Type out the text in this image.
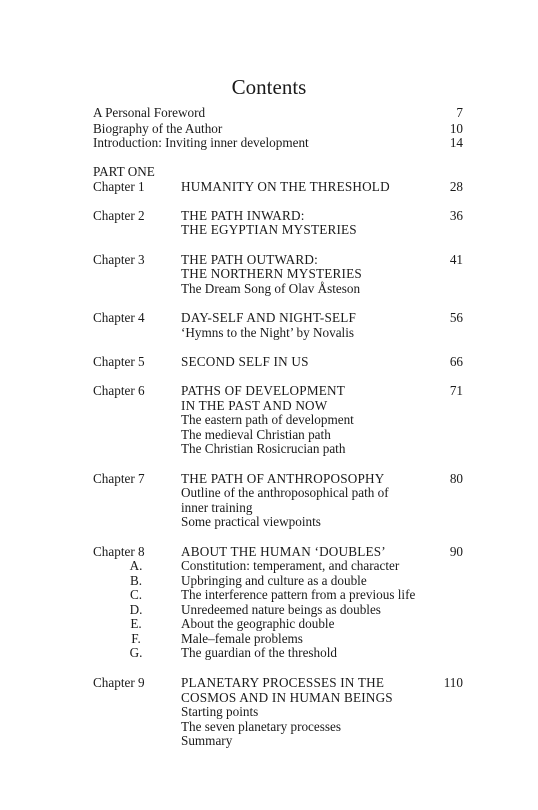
Contents
A Personal Foreword	7
Biography of the Author	10
Introduction: Inviting inner development	14
PART ONE
Chapter 1	HUMANITY ON THE THRESHOLD	28
Chapter 2	THE PATH INWARD:	36
THE EGYPTIAN MYSTERIES
Chapter 3	THE PATH OUTWARD:	41
THE NORTHERN MYSTERIES
The Dream Song of Olav Åsteson
Chapter 4	DAY-SELF AND NIGHT-SELF	56
‘Hymns to the Night’ by Novalis
Chapter 5	SECOND SELF IN US	66
Chapter 6	PATHS OF DEVELOPMENT	71
IN THE PAST AND NOW
The eastern path of development
The medieval Christian path
The Christian Rosicrucian path
Chapter 7	THE PATH OF ANTHROPOSOPHY	80
Outline of the anthroposophical path of
inner training
Some practical viewpoints
Chapter 8	ABOUT THE HUMAN ‘DOUBLES’	90
A.	Constitution: temperament, and character
B.	Upbringing and culture as a double
C.	The interference pattern from a previous life
D.	Unredeemed nature beings as doubles
E.	About the geographic double
F.	Male–female problems
G.	The guardian of the threshold
Chapter 9	PLANETARY PROCESSES IN THE	110
COSMOS AND IN HUMAN BEINGS
Starting points
The seven planetary processes
Summary
